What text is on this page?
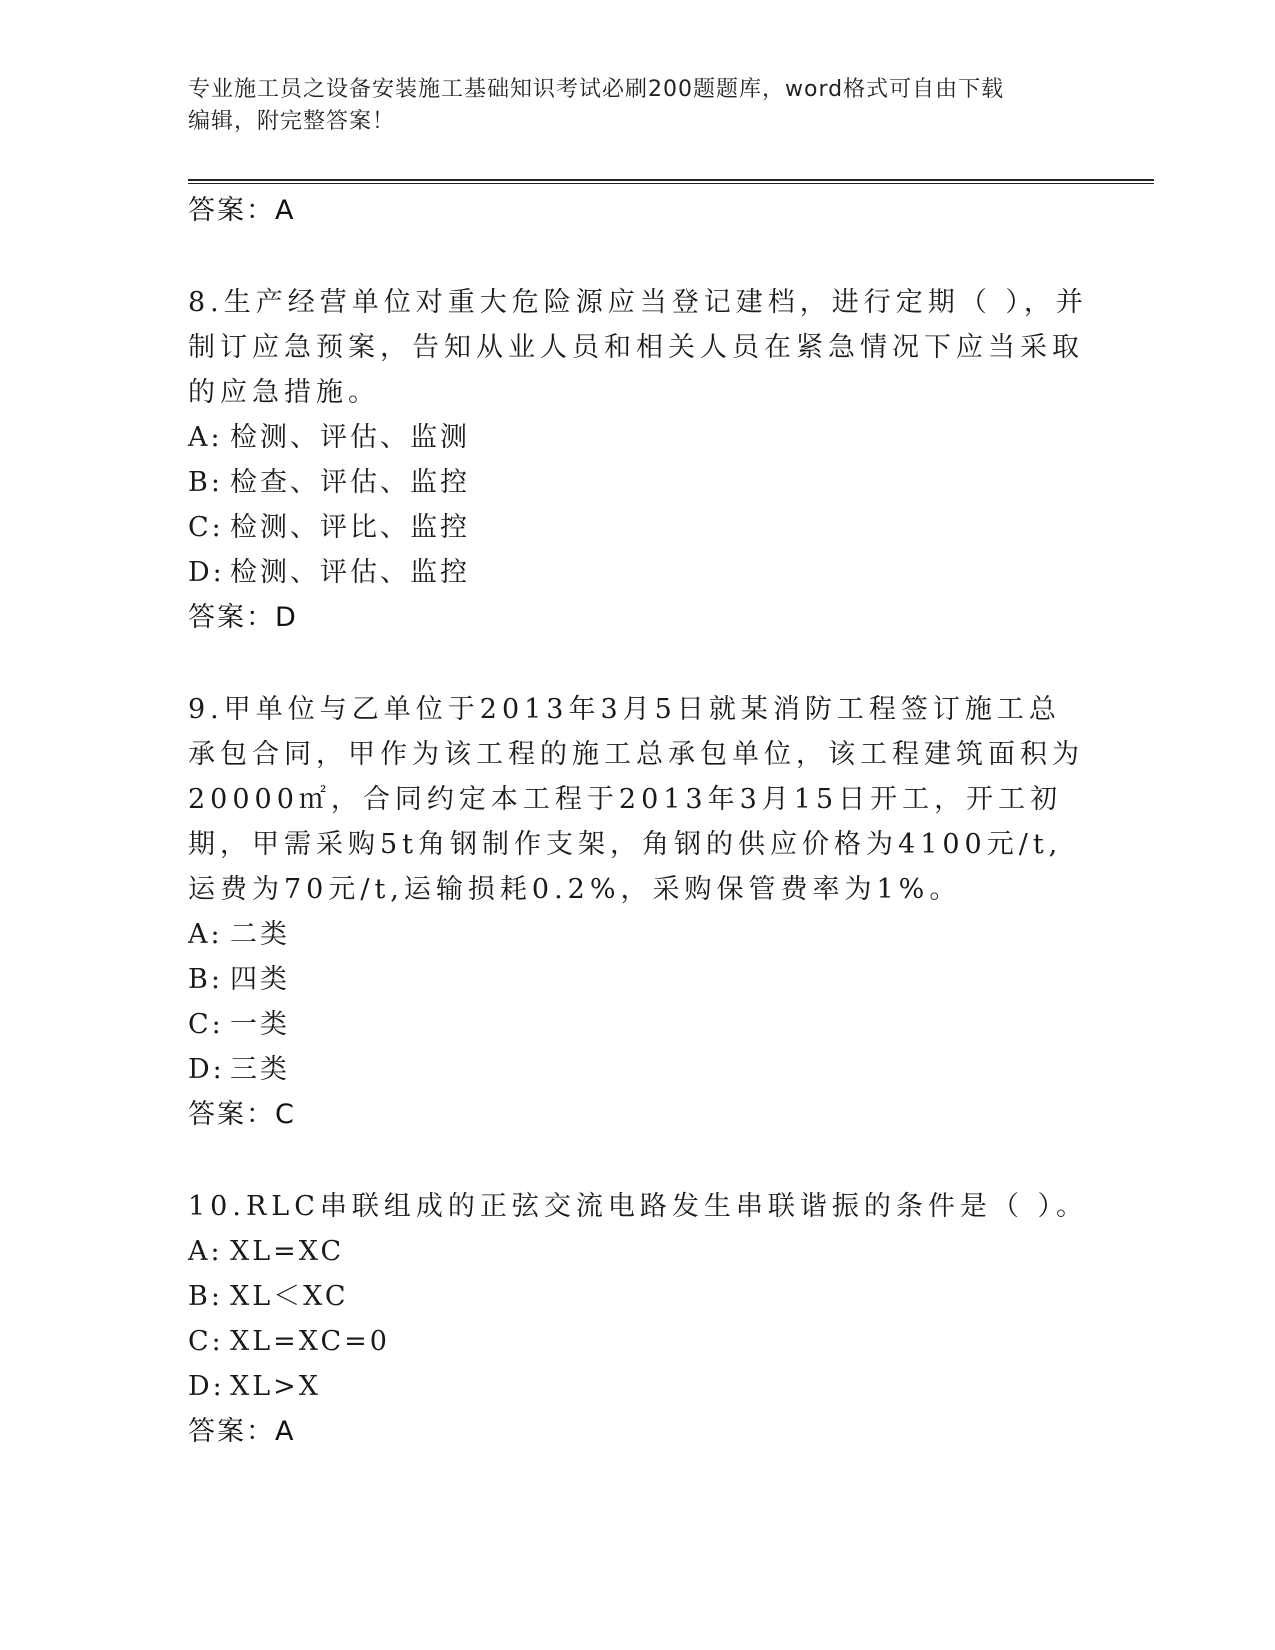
专业施工员之设备安装施工基础知识考试必刷200题题库，word格式可自由下载
编辑，附完整答案！
答案：A
8.生产经营单位对重大危险源应当登记建档，进行定期（ ），并制订应急预案，告知从业人员和相关人员在紧急情况下应当采取的应急措施。
A: 检测、评估、监测
B: 检查、评估、监控
C: 检测、评比、监控
D: 检测、评估、监控
答案：D
9.甲单位与乙单位于2013年3月5日就某消防工程签订施工总承包合同，甲作为该工程的施工总承包单位，该工程建筑面积为20000㎡，合同约定本工程于2013年3月15日开工，开工初期，甲需采购5t角钢制作支架，角钢的供应价格为4100元/t,运费为70元/t,运输损耗0.2%，采购保管费率为1%。
A: 二类
B: 四类
C: 一类
D: 三类
答案：C
10.RLC串联组成的正弦交流电路发生串联谐振的条件是（ ）。
A: XL=XC
B: XL＜XC
C: XL=XC=0
D: XL>X
答案：A
